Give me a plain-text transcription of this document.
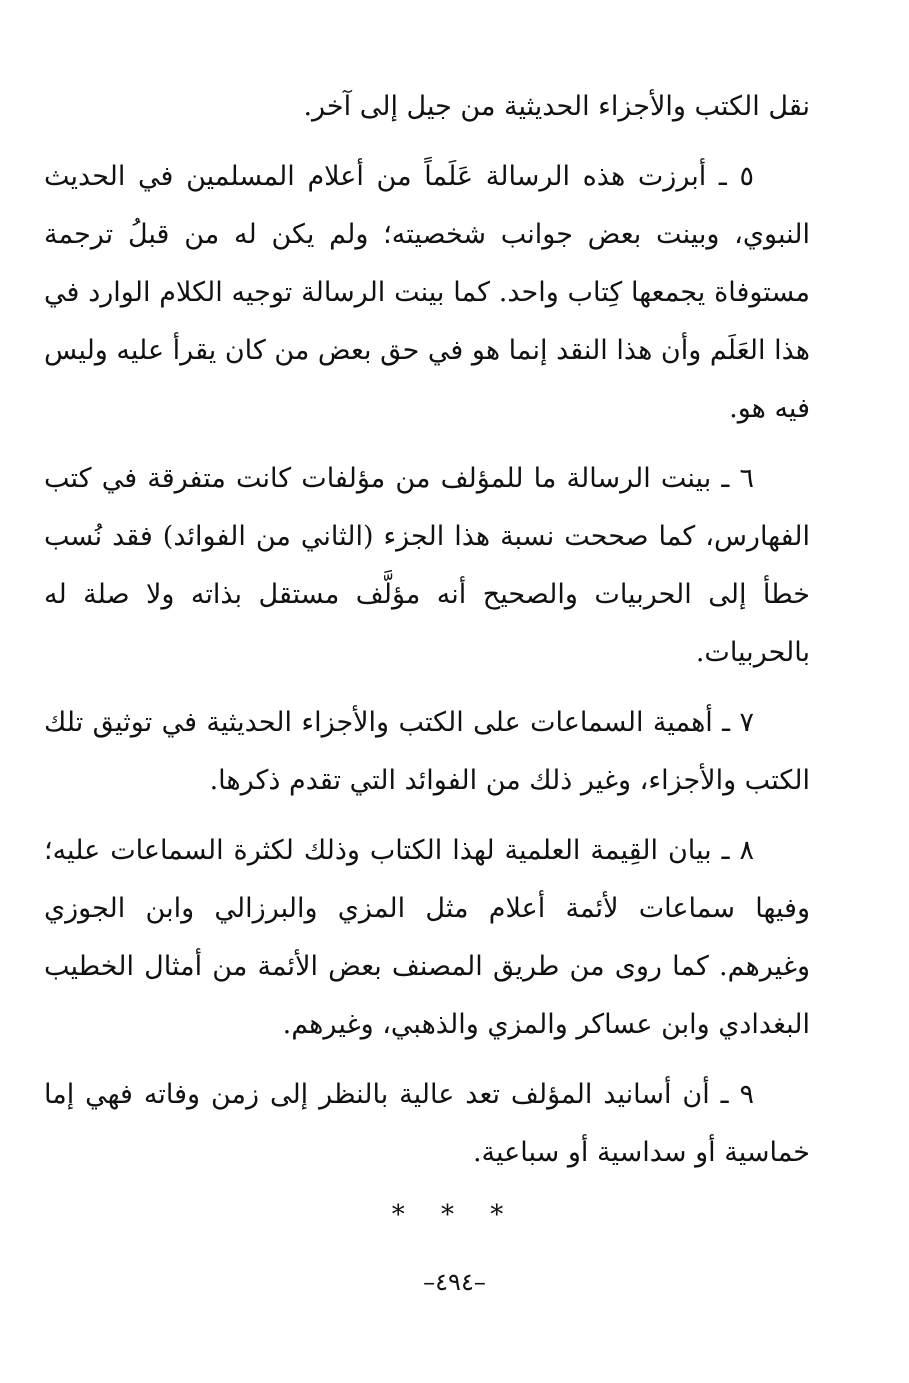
نقل الكتب والأجزاء الحديثية من جيل إلى آخر.

٥ ـ أبرزت هذه الرسالة عَلَماً من أعلام المسلمين في الحديث النبوي، وبينت بعض جوانب شخصيته؛ ولم يكن له من قبلُ ترجمة مستوفاة يجمعها كِتاب واحد. كما بينت الرسالة توجيه الكلام الوارد في هذا العَلَم وأن هذا النقد إنما هو في حق بعض من كان يقرأ عليه وليس فيه هو.

٦ ـ بينت الرسالة ما للمؤلف من مؤلفات كانت متفرقة في كتب الفهارس، كما صححت نسبة هذا الجزء (الثاني من الفوائد) فقد نُسب خطأ إلى الحربيات والصحيح أنه مؤلَّف مستقل بذاته ولا صلة له بالحربيات.

٧ ـ أهمية السماعات على الكتب والأجزاء الحديثية في توثيق تلك الكتب والأجزاء، وغير ذلك من الفوائد التي تقدم ذكرها.

٨ ـ بيان القِيمة العلمية لهذا الكتاب وذلك لكثرة السماعات عليه؛ وفيها سماعات لأئمة أعلام مثل المزي والبرزالي وابن الجوزي وغيرهم. كما روى من طريق المصنف بعض الأئمة من أمثال الخطيب البغدادي وابن عساكر والمزي والذهبي، وغيرهم.

٩ ـ أن أسانيد المؤلف تعد عالية بالنظر إلى زمن وفاته فهي إما خماسية أو سداسية أو سباعية.

* * *
–٤٩٤–
